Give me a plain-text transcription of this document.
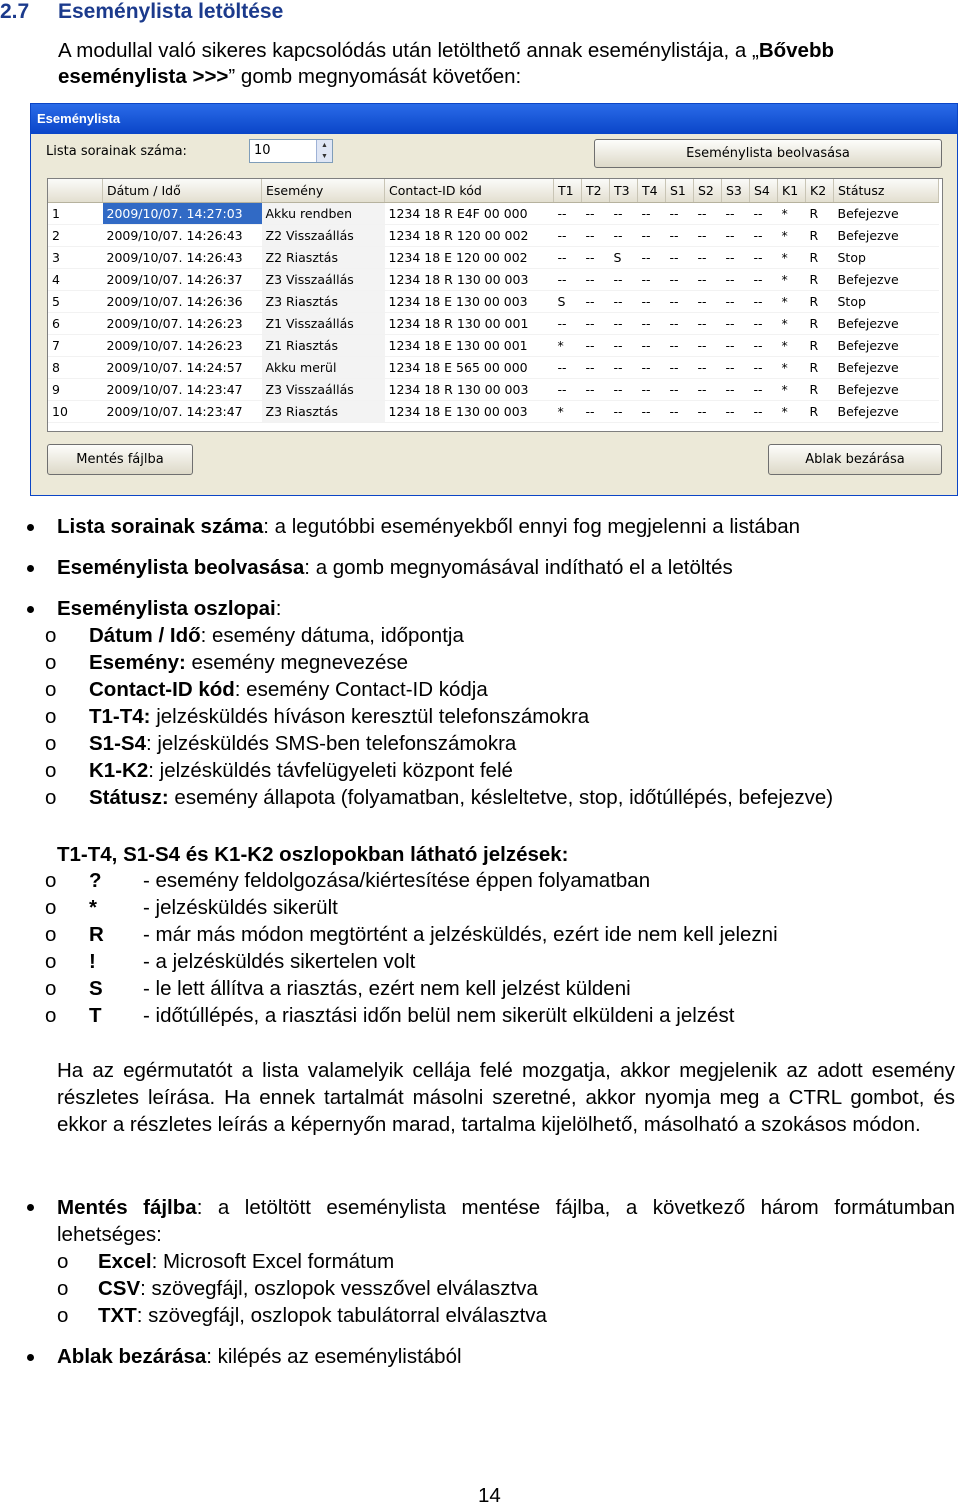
2.7 Eseménylista letöltése
A modullal való sikeres kapcsolódás után letölthető annak eseménylistája, a „Bővebb eseménylista >>>” gomb megnyomását követően:
Eseménylista
Lista sorainak száma:	10	▲
▼	Eseménylista beolvasása
	Dátum / Idő	Esemény	Contact-ID kód	T1	T2	T3	T4	S1	S2	S3	S4	K1	K2	Státusz
1	2009/10/07. 14:27:03	Akku rendben	1234 18 R E4F 00 000	--	--	--	--	--	--	--	--	*	R	Befejezve
2	2009/10/07. 14:26:43	Z2 Visszaállás	1234 18 R 120 00 002	--	--	--	--	--	--	--	--	*	R	Befejezve
3	2009/10/07. 14:26:43	Z2 Riasztás	1234 18 E 120 00 002	--	--	S	--	--	--	--	--	*	R	Stop
4	2009/10/07. 14:26:37	Z3 Visszaállás	1234 18 R 130 00 003	--	--	--	--	--	--	--	--	*	R	Befejezve
5	2009/10/07. 14:26:36	Z3 Riasztás	1234 18 E 130 00 003	S	--	--	--	--	--	--	--	*	R	Stop
6	2009/10/07. 14:26:23	Z1 Visszaállás	1234 18 R 130 00 001	--	--	--	--	--	--	--	--	*	R	Befejezve
7	2009/10/07. 14:26:23	Z1 Riasztás	1234 18 E 130 00 001	*	--	--	--	--	--	--	--	*	R	Befejezve
8	2009/10/07. 14:24:57	Akku merül	1234 18 E 565 00 000	--	--	--	--	--	--	--	--	*	R	Befejezve
9	2009/10/07. 14:23:47	Z3 Visszaállás	1234 18 R 130 00 003	--	--	--	--	--	--	--	--	*	R	Befejezve
10	2009/10/07. 14:23:47	Z3 Riasztás	1234 18 E 130 00 003	*	--	--	--	--	--	--	--	*	R	Befejezve
Mentés fájlba	Ablak bezárása
Lista sorainak száma: a legutóbbi eseményekből ennyi fog megjelenni a listában
Eseménylista beolvasása: a gomb megnyomásával indítható el a letöltés
Eseménylista oszlopai:
o Dátum / Idő: esemény dátuma, időpontja
o Esemény: esemény megnevezése
o Contact-ID kód: esemény Contact-ID kódja
o T1-T4: jelzésküldés híváson keresztül telefonszámokra
o S1-S4: jelzésküldés SMS-ben telefonszámokra
o K1-K2: jelzésküldés távfelügyeleti központ felé
o Státusz: esemény állapota (folyamatban, késleltetve, stop, időtúllépés, befejezve)
T1-T4, S1-S4 és K1-K2 oszlopokban látható jelzések:
o ? - esemény feldolgozása/kiértesítése éppen folyamatban
o * - jelzésküldés sikerült
o R - már más módon megtörtént a jelzésküldés, ezért ide nem kell jelezni
o ! - a jelzésküldés sikertelen volt
o S - le lett állítva a riasztás, ezért nem kell jelzést küldeni
o T - időtúllépés, a riasztási időn belül nem sikerült elküldeni a jelzést
Ha az egérmutatót a lista valamelyik cellája felé mozgatja, akkor megjelenik az adott esemény részletes leírása. Ha ennek tartalmát másolni szeretné, akkor nyomja meg a CTRL gombot, és ekkor a részletes leírás a képernyőn marad, tartalma kijelölhető, másolható a szokásos módon.
Mentés fájlba: a letöltött eseménylista mentése fájlba, a következő három formátumban lehetséges:
o Excel: Microsoft Excel formátum
o CSV: szövegfájl, oszlopok vesszővel elválasztva
o TXT: szövegfájl, oszlopok tabulátorral elválasztva
Ablak bezárása: kilépés az eseménylistából
14
